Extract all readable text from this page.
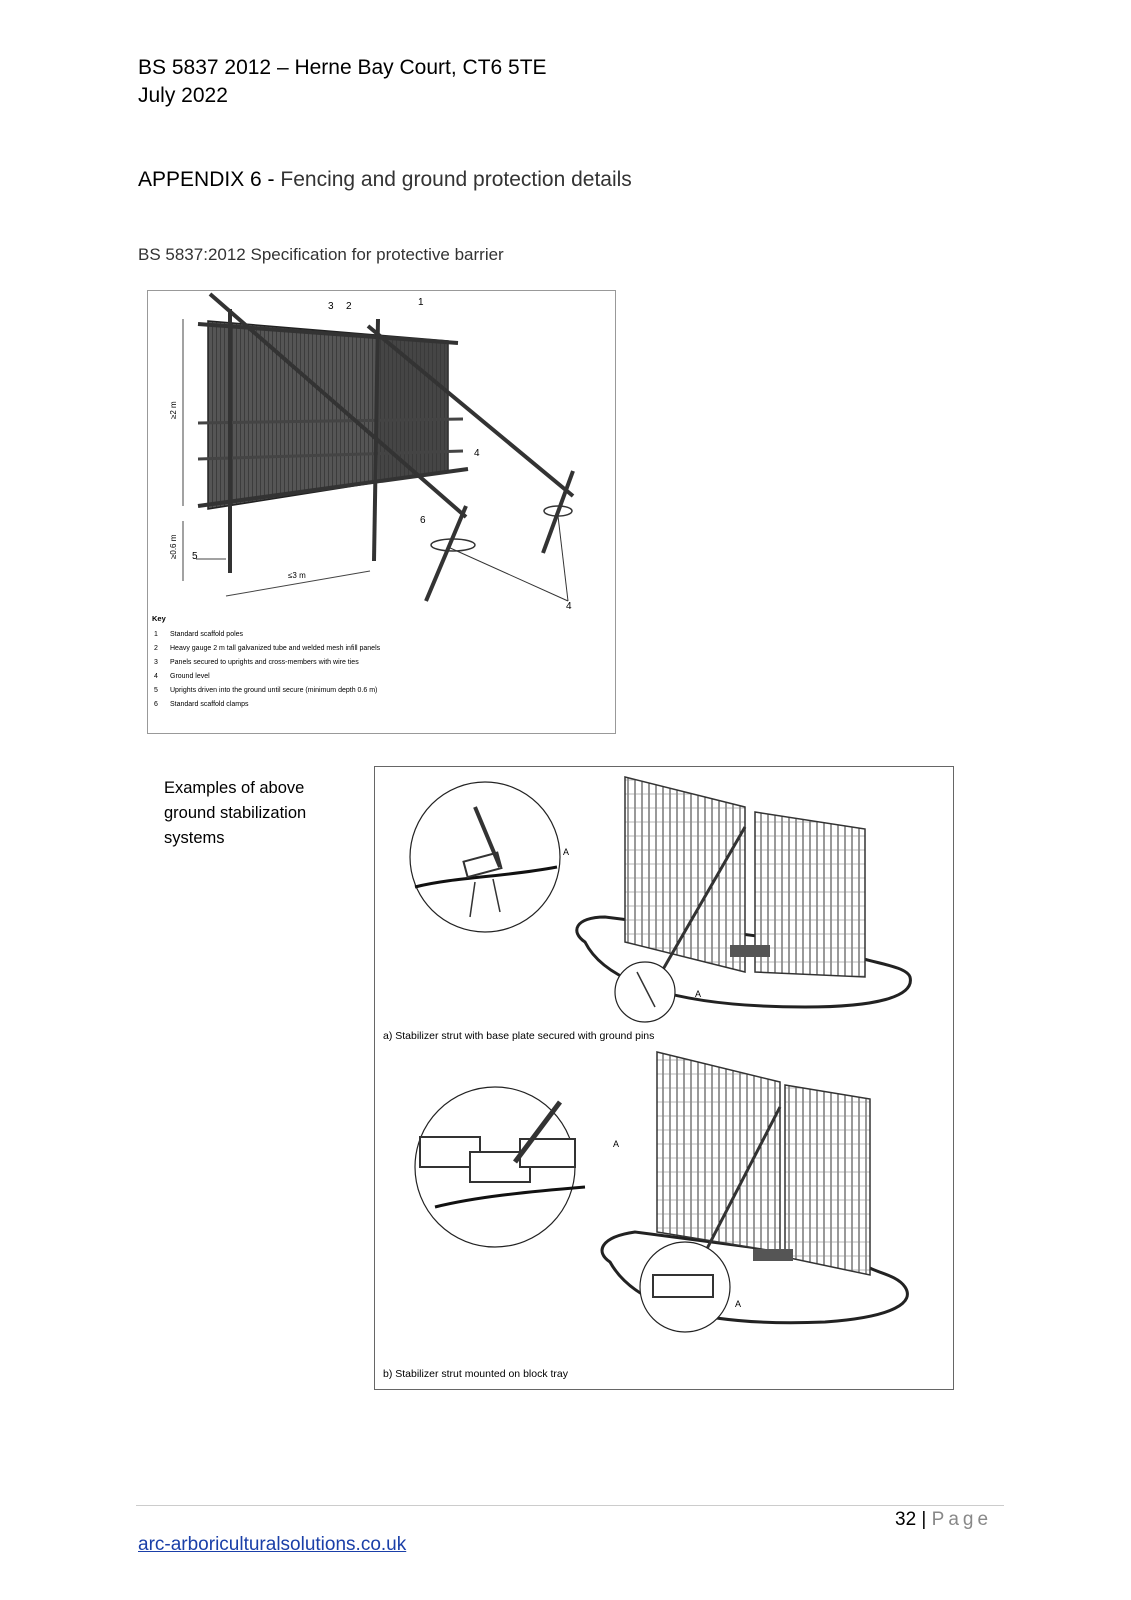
BS 5837 2012 – Herne Bay Court, CT6 5TE
July 2022
APPENDIX 6 - Fencing and ground protection details
BS 5837:2012 Specification for protective barrier
≥2 m
≥0.6 m
≤3 m
3 2	1
4
6
4
5
Key
1 Standard scaffold poles
2 Heavy gauge 2 m tall galvanized tube and welded mesh infill panels
3 Panels secured to uprights and cross-members with wire ties
4 Ground level
5 Uprights driven into the ground until secure (minimum depth 0.6 m)
6 Standard scaffold clamps
Examples of above ground stabilization systems
A
A
a) Stabilizer strut with base plate secured with ground pins
A
A
b) Stabilizer strut mounted on block tray
32 | Page
arc-arboriculturalsolutions.co.uk
